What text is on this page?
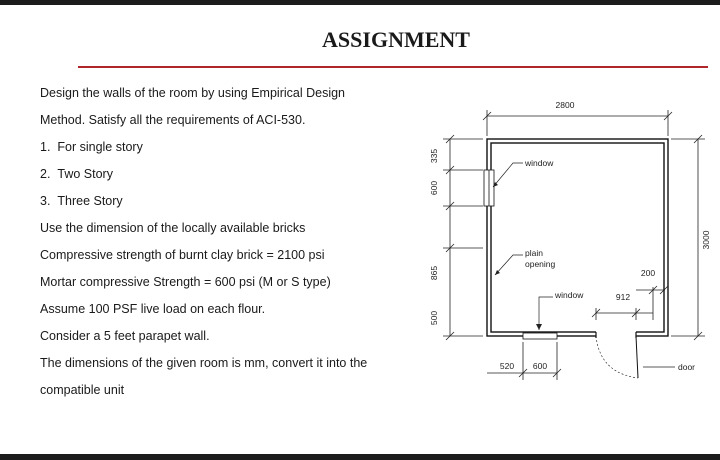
ASSIGNMENT
Design the walls of the room by using Empirical Design
Method. Satisfy all the requirements of ACI-530.
1.  For single story
2.  Two Story
3.  Three Story
Use the dimension of the locally available bricks
Compressive strength of burnt clay brick = 2100 psi
Mortar compressive Strength = 600 psi (M or S type)
Assume 100 PSF live load on each flour.
Consider a 5 feet parapet wall.
The dimensions of the given room is mm, convert it into the
compatible unit
2800
3000
335
600
865
500
520 600
912
200
window
plain
opening
window
door
